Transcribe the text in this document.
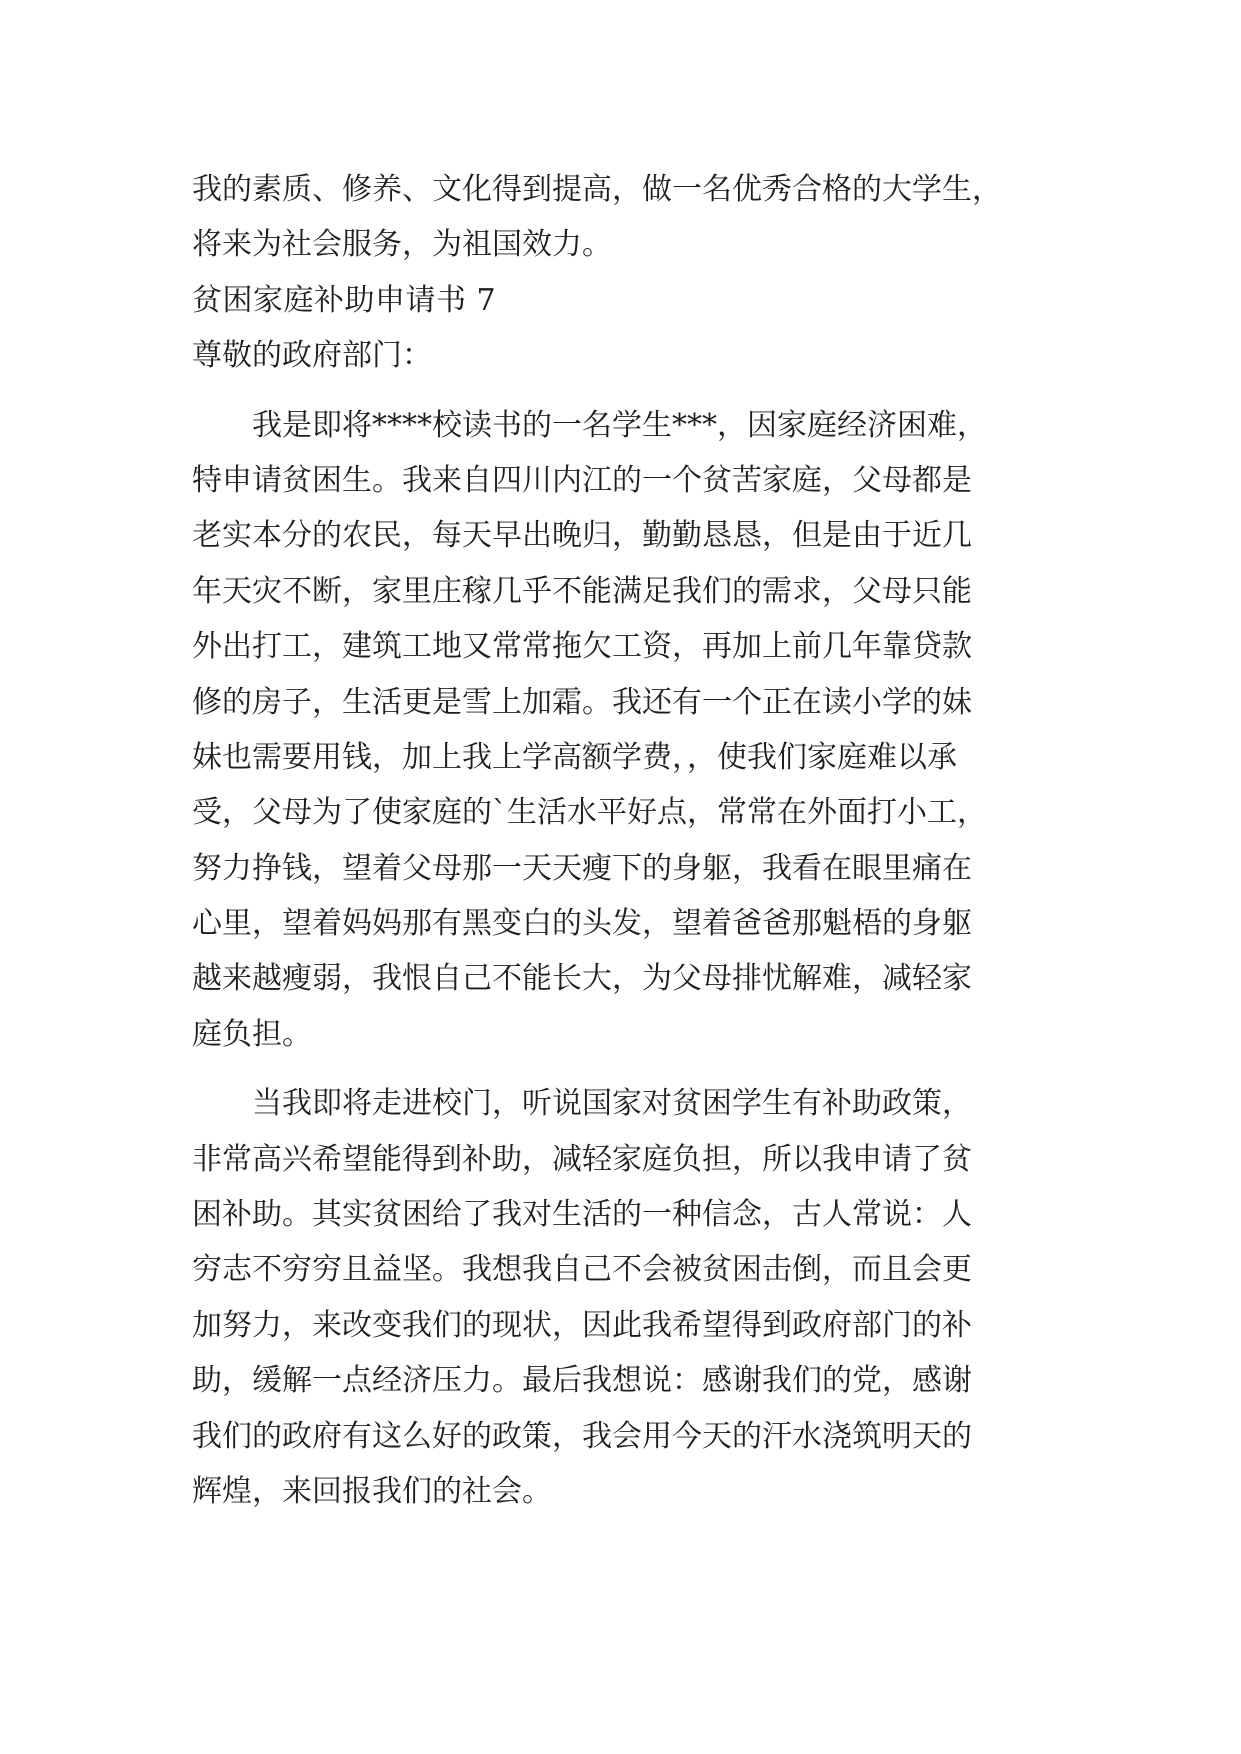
我的素质、修养、文化得到提高，做一名优秀合格的大学生，
将来为社会服务，为祖国效力。
贫困家庭补助申请书 7
尊敬的政府部门：
　　我是即将****校读书的一名学生***，因家庭经济困难，
特申请贫困生。我来自四川内江的一个贫苦家庭，父母都是
老实本分的农民，每天早出晚归，勤勤恳恳，但是由于近几
年天灾不断，家里庄稼几乎不能满足我们的需求，父母只能
外出打工，建筑工地又常常拖欠工资，再加上前几年靠贷款
修的房子，生活更是雪上加霜。我还有一个正在读小学的妹
妹也需要用钱，加上我上学高额学费，，使我们家庭难以承
受，父母为了使家庭的`生活水平好点，常常在外面打小工，
努力挣钱，望着父母那一天天瘦下的身躯，我看在眼里痛在
心里，望着妈妈那有黑变白的头发，望着爸爸那魁梧的身躯
越来越瘦弱，我恨自己不能长大，为父母排忧解难，减轻家
庭负担。
　　当我即将走进校门，听说国家对贫困学生有补助政策，
非常高兴希望能得到补助，减轻家庭负担，所以我申请了贫
困补助。其实贫困给了我对生活的一种信念，古人常说：人
穷志不穷穷且益坚。我想我自己不会被贫困击倒，而且会更
加努力，来改变我们的现状，因此我希望得到政府部门的补
助，缓解一点经济压力。最后我想说：感谢我们的党，感谢
我们的政府有这么好的政策，我会用今天的汗水浇筑明天的
辉煌，来回报我们的社会。
